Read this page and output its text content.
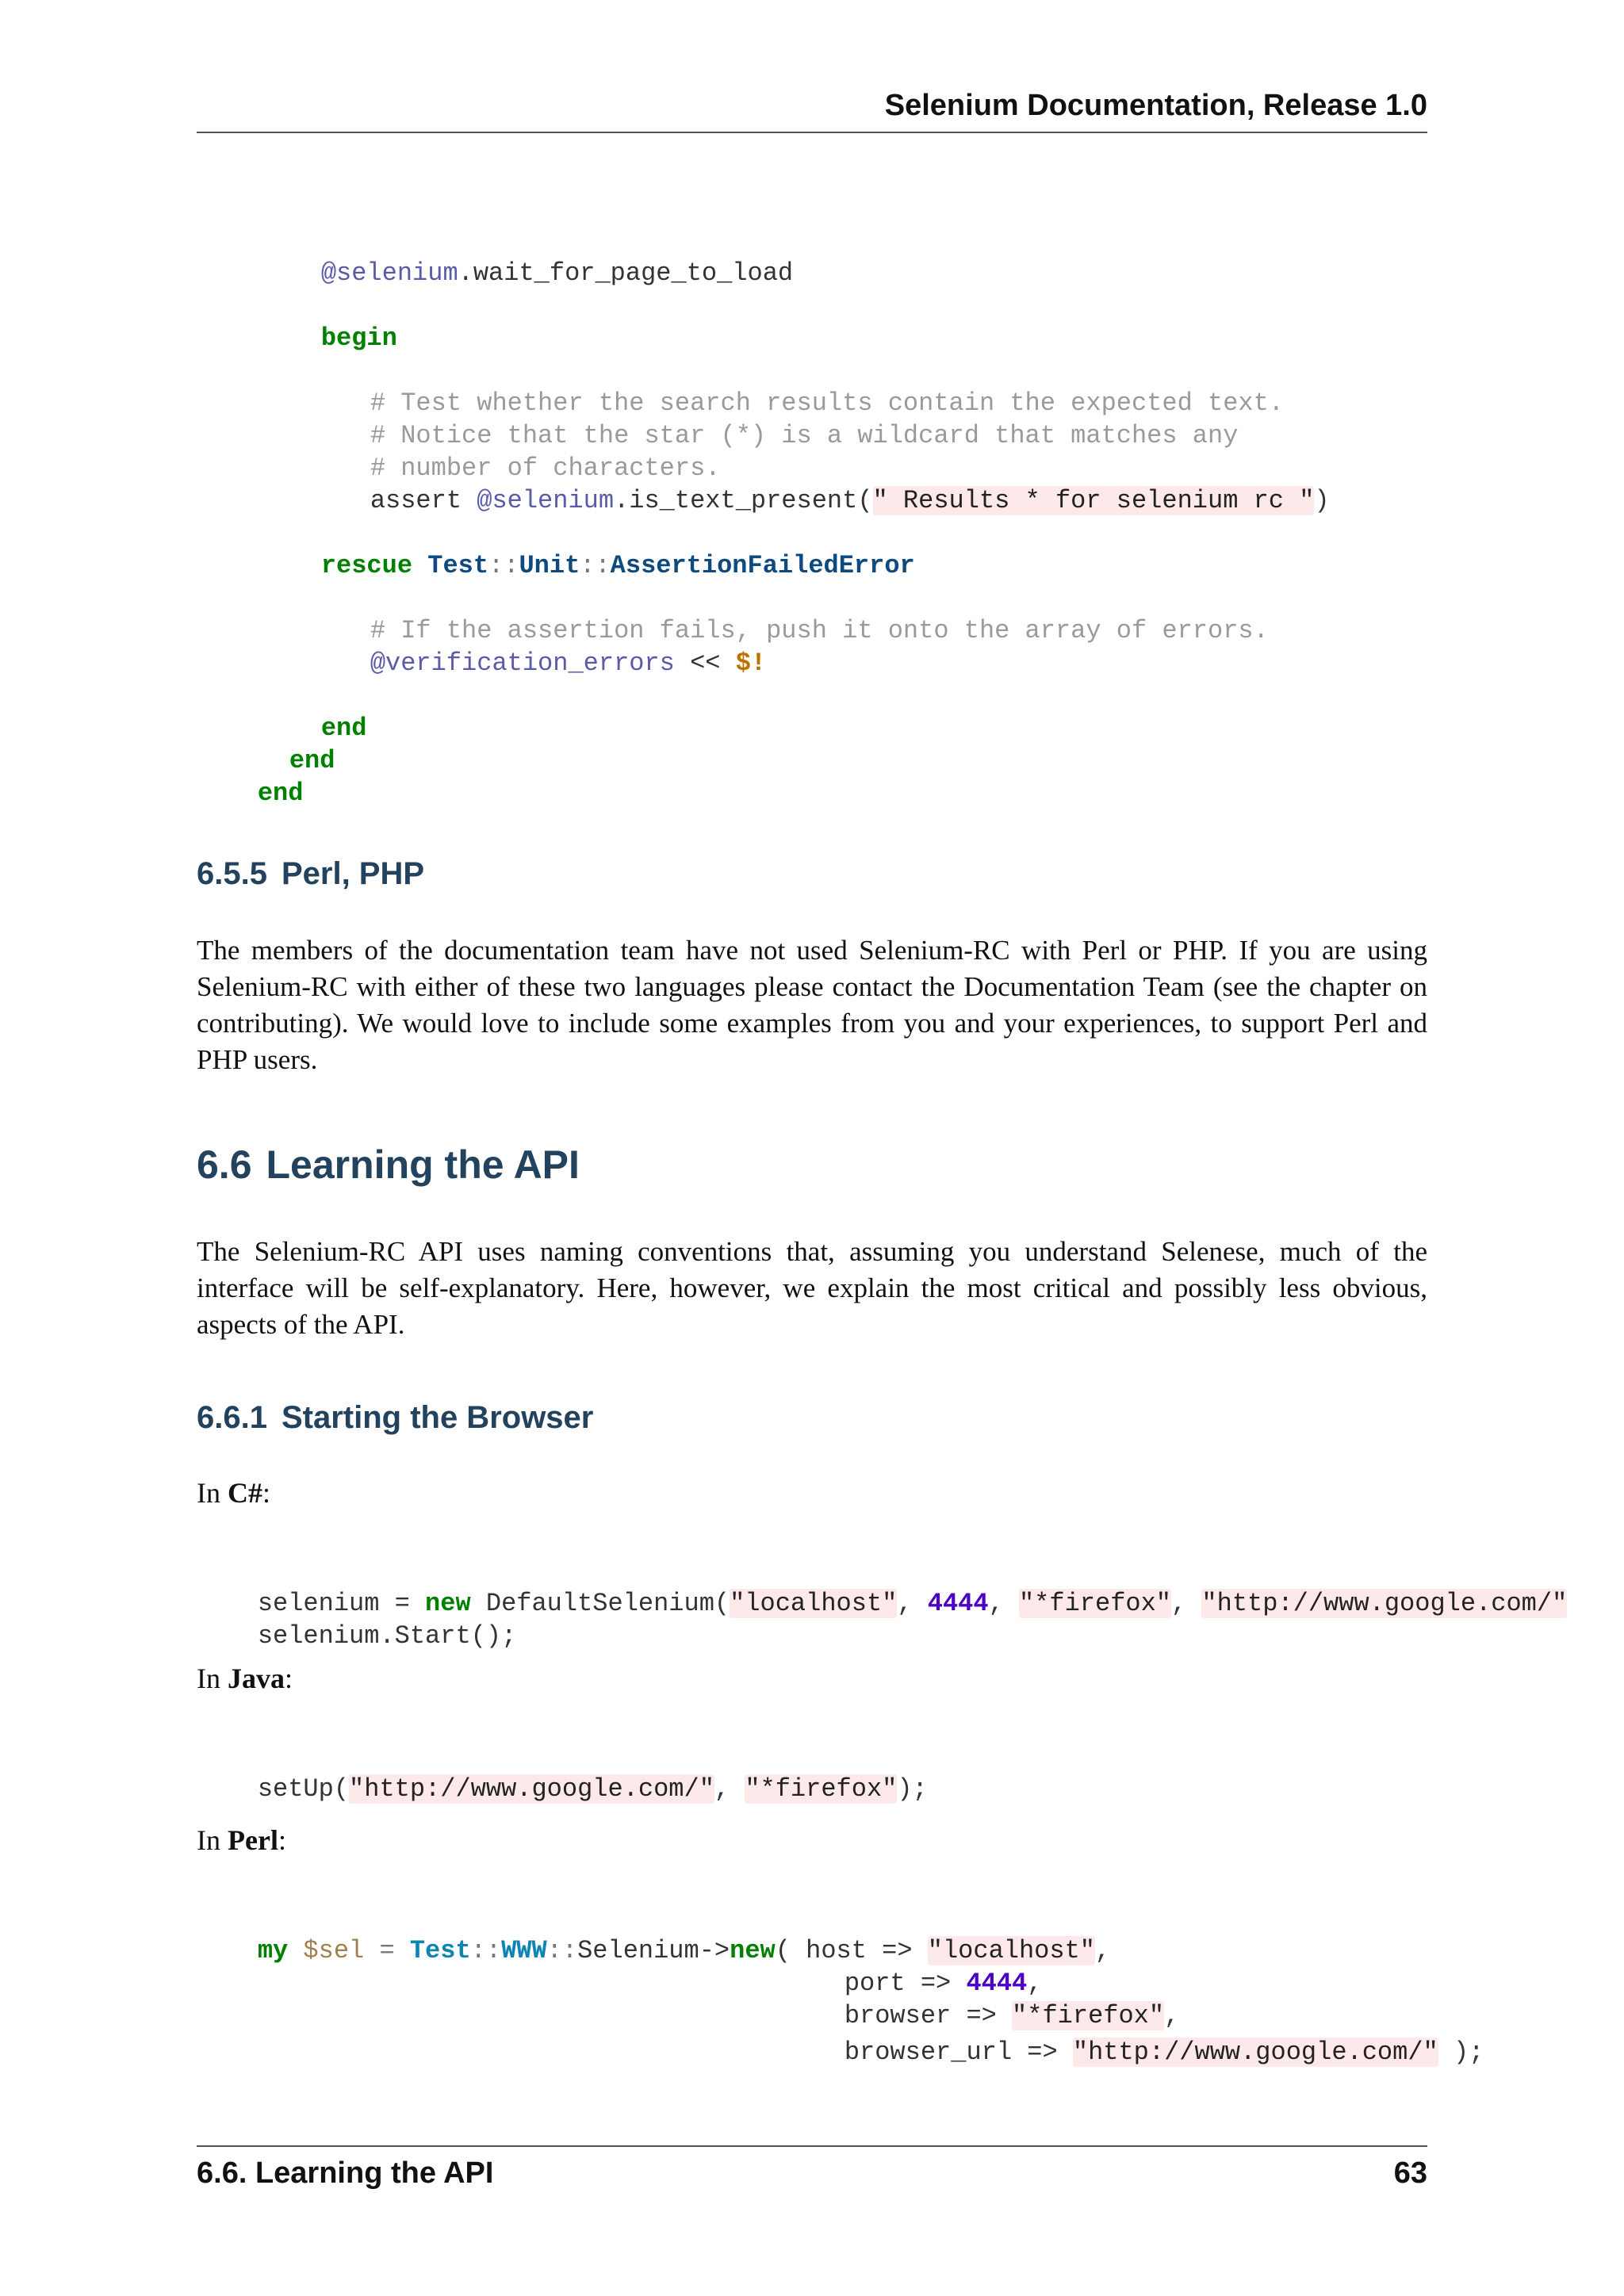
Selenium Documentation, Release 1.0

@selenium.wait_for_page_to_load

begin

# Test whether the search results contain the expected text.

# Notice that the star (*) is a wildcard that matches any

# number of characters.

assert @selenium.is_text_present(" Results * for selenium rc ")

rescue Test::Unit::AssertionFailedError

# If the assertion fails, push it onto the array of errors.

@verification_errors << $!

end

end

end

6.5.5 Perl, PHP
The members of the documentation team have not used Selenium-RC with Perl or PHP. If you are using Selenium-RC with either of these two languages please contact the Documentation Team (see the chapter on contributing). We would love to include some examples from you and your experiences, to support Perl and PHP users.
6.6 Learning the API
The Selenium-RC API uses naming conventions that, assuming you understand Selenese, much of the interface will be self-explanatory. Here, however, we explain the most critical and possibly less obvious, aspects of the API.
6.6.1 Starting the Browser
In C#:

selenium = new DefaultSelenium("localhost", 4444, "*firefox", "http://www.google.com/"

selenium.Start();

In Java:

setUp("http://www.google.com/", "*firefox");

In Perl:

my $sel = Test::WWW::Selenium->new( host => "localhost",

port => 4444,

browser => "*firefox",

browser_url => "http://www.google.com/" );

6.6. Learning the API	63
